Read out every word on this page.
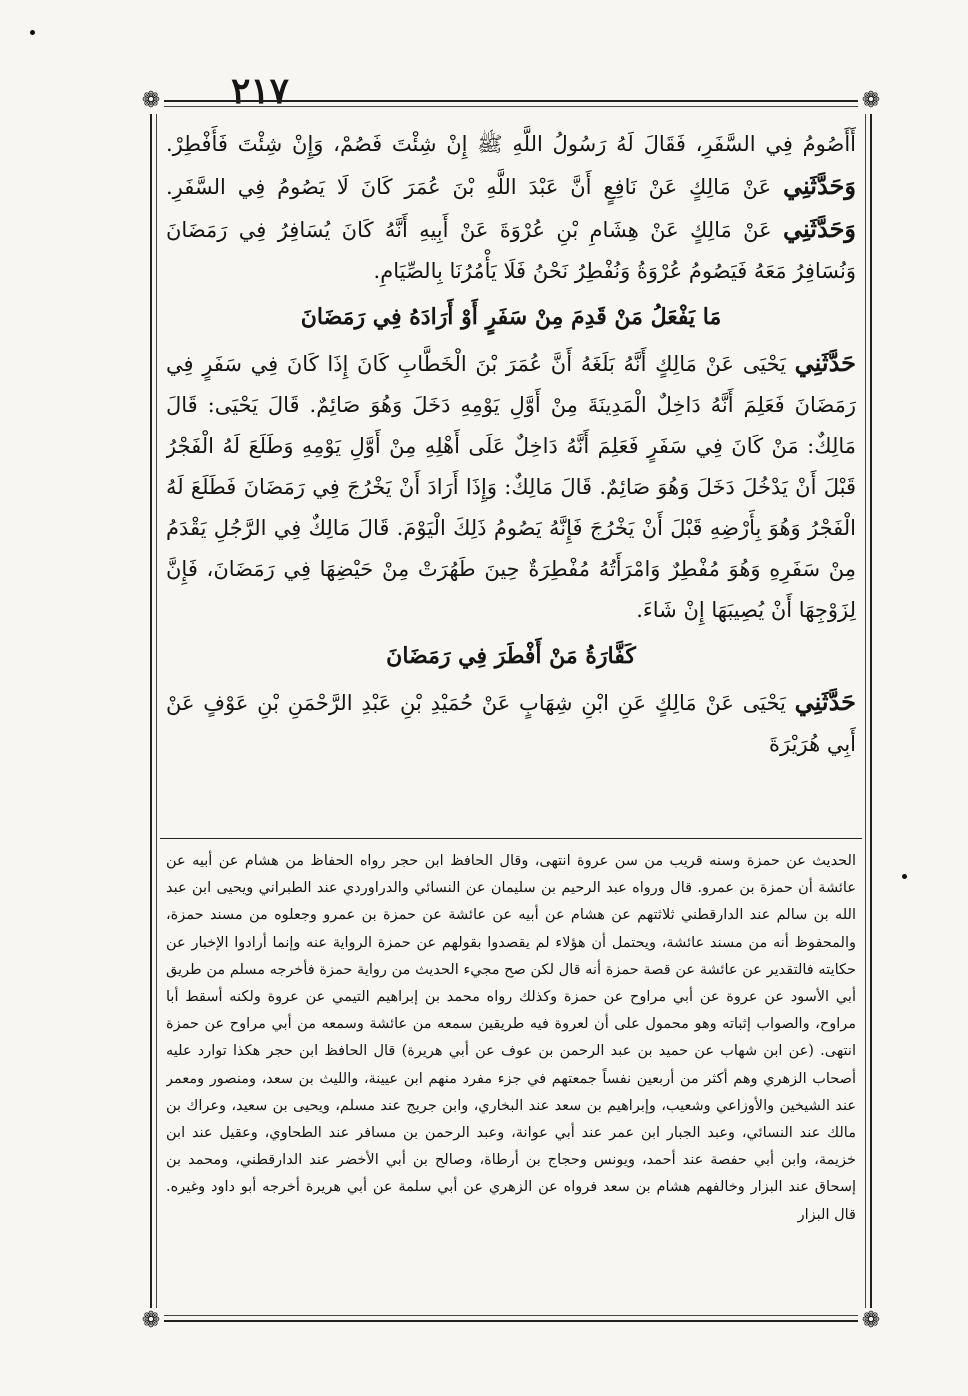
٢١٧
❁	❁
❁	❁

أَأَصُومُ فِي السَّفَرِ، فَقَالَ لَهُ رَسُولُ اللَّهِ ﷺ إِنْ شِئْتَ فَصُمْ، وَإِنْ شِئْتَ فَأَفْطِرْ. وَحَدَّثَنِي عَنْ مَالِكٍ عَنْ نَافِعٍ أَنَّ عَبْدَ اللَّهِ بْنَ عُمَرَ كَانَ لَا يَصُومُ فِي السَّفَرِ. وَحَدَّثَنِي عَنْ مَالِكٍ عَنْ هِشَامِ بْنِ عُرْوَةَ عَنْ أَبِيهِ أَنَّهُ كَانَ يُسَافِرُ فِي رَمَضَانَ وَنُسَافِرُ مَعَهُ فَيَصُومُ عُرْوَةُ وَنُفْطِرُ نَحْنُ فَلَا يَأْمُرُنَا بِالصِّيَامِ.

مَا يَفْعَلُ مَنْ قَدِمَ مِنْ سَفَرٍ أَوْ أَرَادَهُ فِي رَمَضَانَ

حَدَّثَنِي يَحْيَى عَنْ مَالِكٍ أَنَّهُ بَلَغَهُ أَنَّ عُمَرَ بْنَ الْخَطَّابِ كَانَ إِذَا كَانَ فِي سَفَرٍ فِي رَمَضَانَ فَعَلِمَ أَنَّهُ دَاخِلٌ الْمَدِينَةَ مِنْ أَوَّلِ يَوْمِهِ دَخَلَ وَهُوَ صَائِمٌ. قَالَ يَحْيَى: قَالَ مَالِكٌ: مَنْ كَانَ فِي سَفَرٍ فَعَلِمَ أَنَّهُ دَاخِلٌ عَلَى أَهْلِهِ مِنْ أَوَّلِ يَوْمِهِ وَطَلَعَ لَهُ الْفَجْرُ قَبْلَ أَنْ يَدْخُلَ دَخَلَ وَهُوَ صَائِمٌ. قَالَ مَالِكٌ: وَإِذَا أَرَادَ أَنْ يَخْرُجَ فِي رَمَضَانَ فَطَلَعَ لَهُ الْفَجْرُ وَهُوَ بِأَرْضِهِ قَبْلَ أَنْ يَخْرُجَ فَإِنَّهُ يَصُومُ ذَلِكَ الْيَوْمَ. قَالَ مَالِكٌ فِي الرَّجُلِ يَقْدَمُ مِنْ سَفَرِهِ وَهُوَ مُفْطِرٌ وَامْرَأَتُهُ مُفْطِرَةٌ حِينَ طَهُرَتْ مِنْ حَيْضِهَا فِي رَمَضَانَ، فَإِنَّ لِزَوْجِهَا أَنْ يُصِيبَهَا إِنْ شَاءَ.

كَفَّارَةُ مَنْ أَفْطَرَ فِي رَمَضَانَ

حَدَّثَنِي يَحْيَى عَنْ مَالِكٍ عَنِ ابْنِ شِهَابٍ عَنْ حُمَيْدِ بْنِ عَبْدِ الرَّحْمَنِ بْنِ عَوْفٍ عَنْ أَبِي هُرَيْرَةَ

الحديث عن حمزة وسنه قريب من سن عروة انتهى، وقال الحافظ ابن حجر رواه الحفاظ من هشام عن أبيه عن عائشة أن حمزة بن عمرو. قال ورواه عبد الرحيم بن سليمان عن النسائي والدراوردي عند الطبراني ويحيى ابن عبد الله بن سالم عند الدارقطني ثلاثتهم عن هشام عن أبيه عن عائشة عن حمزة بن عمرو وجعلوه من مسند حمزة، والمحفوظ أنه من مسند عائشة، ويحتمل أن هؤلاء لم يقصدوا بقولهم عن حمزة الرواية عنه وإنما أرادوا الإخبار عن حكايته فالتقدير عن عائشة عن قصة حمزة أنه قال لكن صح مجيء الحديث من رواية حمزة فأخرجه مسلم من طريق أبي الأسود عن عروة عن أبي مراوح عن حمزة وكذلك رواه محمد بن إبراهيم التيمي عن عروة ولكنه أسقط أبا مراوح، والصواب إثباته وهو محمول على أن لعروة فيه طريقين سمعه من عائشة وسمعه من أبي مراوح عن حمزة انتهى. (عن ابن شهاب عن حميد بن عبد الرحمن بن عوف عن أبي هريرة) قال الحافظ ابن حجر هكذا توارد عليه أصحاب الزهري وهم أكثر من أربعين نفساً جمعتهم في جزء مفرد منهم ابن عيينة، والليث بن سعد، ومنصور ومعمر عند الشيخين والأوزاعي وشعيب، وإبراهيم بن سعد عند البخاري، وابن جريج عند مسلم، ويحيى بن سعيد، وعراك بن مالك عند النسائي، وعبد الجبار ابن عمر عند أبي عوانة، وعبد الرحمن بن مسافر عند الطحاوي، وعقيل عند ابن خزيمة، وابن أبي حفصة عند أحمد، ويونس وحجاج بن أرطاة، وصالح بن أبي الأخضر عند الدارقطني، ومحمد بن إسحاق عند البزار وخالفهم هشام بن سعد فرواه عن الزهري عن أبي سلمة عن أبي هريرة أخرجه أبو داود وغيره. قال البزار
